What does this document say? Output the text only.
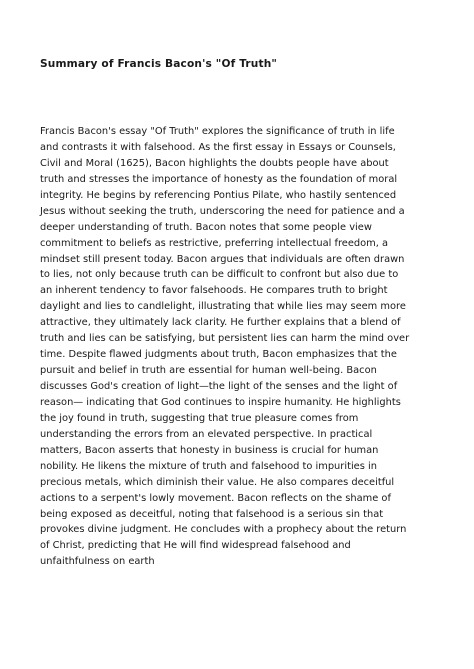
Summary of Francis Bacon's "Of Truth"
Francis Bacon's essay "Of Truth" explores the significance of truth in life
and contrasts it with falsehood. As the first essay in Essays or Counsels,
Civil and Moral (1625), Bacon highlights the doubts people have about
truth and stresses the importance of honesty as the foundation of moral
integrity. He begins by referencing Pontius Pilate, who hastily sentenced
Jesus without seeking the truth, underscoring the need for patience and a
deeper understanding of truth. Bacon notes that some people view
commitment to beliefs as restrictive, preferring intellectual freedom, a
mindset still present today. Bacon argues that individuals are often drawn
to lies, not only because truth can be difficult to confront but also due to
an inherent tendency to favor falsehoods. He compares truth to bright
daylight and lies to candlelight, illustrating that while lies may seem more
attractive, they ultimately lack clarity. He further explains that a blend of
truth and lies can be satisfying, but persistent lies can harm the mind over
time. Despite flawed judgments about truth, Bacon emphasizes that the
pursuit and belief in truth are essential for human well-being. Bacon
discusses God's creation of light—the light of the senses and the light of
reason— indicating that God continues to inspire humanity. He highlights
the joy found in truth, suggesting that true pleasure comes from
understanding the errors from an elevated perspective. In practical
matters, Bacon asserts that honesty in business is crucial for human
nobility. He likens the mixture of truth and falsehood to impurities in
precious metals, which diminish their value. He also compares deceitful
actions to a serpent's lowly movement. Bacon reflects on the shame of
being exposed as deceitful, noting that falsehood is a serious sin that
provokes divine judgment. He concludes with a prophecy about the return
of Christ, predicting that He will find widespread falsehood and
unfaithfulness on earth
